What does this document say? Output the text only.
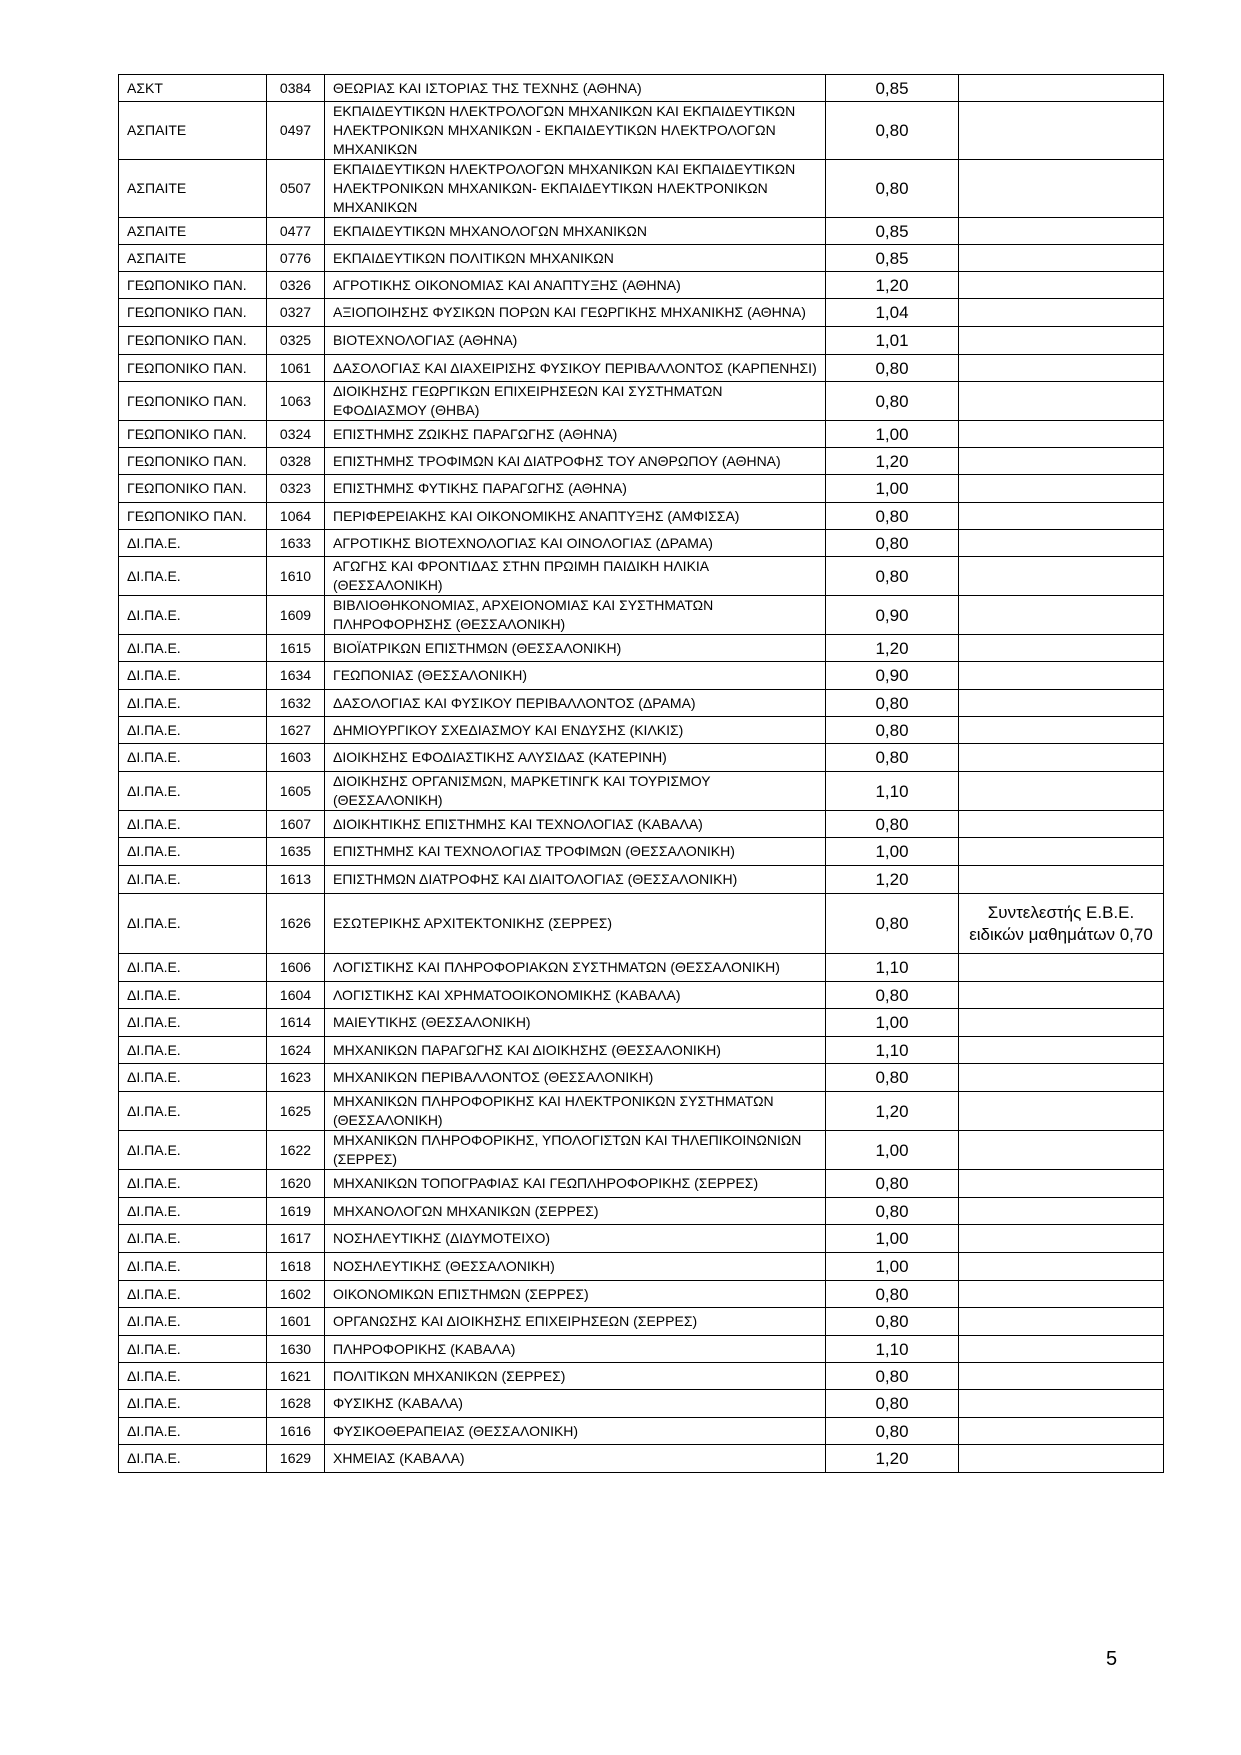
ΑΣΚΤ	0384	ΘΕΩΡΙΑΣ ΚΑΙ ΙΣΤΟΡΙΑΣ ΤΗΣ ΤΕΧΝΗΣ (ΑΘΗΝΑ)	0,85	
ΑΣΠΑΙΤΕ	0497	ΕΚΠΑΙΔΕΥΤΙΚΩΝ ΗΛΕΚΤΡΟΛΟΓΩΝ ΜΗΧΑΝΙΚΩΝ ΚΑΙ ΕΚΠΑΙΔΕΥΤΙΚΩΝ ΗΛΕΚΤΡΟΝΙΚΩΝ ΜΗΧΑΝΙΚΩΝ - ΕΚΠΑΙΔΕΥΤΙΚΩΝ ΗΛΕΚΤΡΟΛΟΓΩΝ ΜΗΧΑΝΙΚΩΝ	0,80	
ΑΣΠΑΙΤΕ	0507	ΕΚΠΑΙΔΕΥΤΙΚΩΝ ΗΛΕΚΤΡΟΛΟΓΩΝ ΜΗΧΑΝΙΚΩΝ ΚΑΙ ΕΚΠΑΙΔΕΥΤΙΚΩΝ ΗΛΕΚΤΡΟΝΙΚΩΝ ΜΗΧΑΝΙΚΩΝ- ΕΚΠΑΙΔΕΥΤΙΚΩΝ ΗΛΕΚΤΡΟΝΙΚΩΝ ΜΗΧΑΝΙΚΩΝ	0,80	
ΑΣΠΑΙΤΕ	0477	ΕΚΠΑΙΔΕΥΤΙΚΩΝ ΜΗΧΑΝΟΛΟΓΩΝ ΜΗΧΑΝΙΚΩΝ	0,85	
ΑΣΠΑΙΤΕ	0776	ΕΚΠΑΙΔΕΥΤΙΚΩΝ ΠΟΛΙΤΙΚΩΝ ΜΗΧΑΝΙΚΩΝ	0,85	
ΓΕΩΠΟΝΙΚΟ ΠΑΝ.	0326	ΑΓΡΟΤΙΚΗΣ ΟΙΚΟΝΟΜΙΑΣ ΚΑΙ ΑΝΑΠΤΥΞΗΣ (ΑΘΗΝΑ)	1,20	
ΓΕΩΠΟΝΙΚΟ ΠΑΝ.	0327	ΑΞΙΟΠΟΙΗΣΗΣ ΦΥΣΙΚΩΝ ΠΟΡΩΝ ΚΑΙ ΓΕΩΡΓΙΚΗΣ ΜΗΧΑΝΙΚΗΣ (ΑΘΗΝΑ)	1,04	
ΓΕΩΠΟΝΙΚΟ ΠΑΝ.	0325	ΒΙΟΤΕΧΝΟΛΟΓΙΑΣ (ΑΘΗΝΑ)	1,01	
ΓΕΩΠΟΝΙΚΟ ΠΑΝ.	1061	ΔΑΣΟΛΟΓΙΑΣ ΚΑΙ ΔΙΑΧΕΙΡΙΣΗΣ ΦΥΣΙΚΟΥ ΠΕΡΙΒΑΛΛΟΝΤΟΣ (ΚΑΡΠΕΝΗΣΙ)	0,80	
ΓΕΩΠΟΝΙΚΟ ΠΑΝ.	1063	ΔΙΟΙΚΗΣΗΣ ΓΕΩΡΓΙΚΩΝ ΕΠΙΧΕΙΡΗΣΕΩΝ ΚΑΙ ΣΥΣΤΗΜΑΤΩΝ ΕΦΟΔΙΑΣΜΟΥ (ΘΗΒΑ)	0,80	
ΓΕΩΠΟΝΙΚΟ ΠΑΝ.	0324	ΕΠΙΣΤΗΜΗΣ ΖΩΙΚΗΣ ΠΑΡΑΓΩΓΗΣ (ΑΘΗΝΑ)	1,00	
ΓΕΩΠΟΝΙΚΟ ΠΑΝ.	0328	ΕΠΙΣΤΗΜΗΣ ΤΡΟΦΙΜΩΝ ΚΑΙ ΔΙΑΤΡΟΦΗΣ ΤΟΥ ΑΝΘΡΩΠΟΥ (ΑΘΗΝΑ)	1,20	
ΓΕΩΠΟΝΙΚΟ ΠΑΝ.	0323	ΕΠΙΣΤΗΜΗΣ ΦΥΤΙΚΗΣ ΠΑΡΑΓΩΓΗΣ (ΑΘΗΝΑ)	1,00	
ΓΕΩΠΟΝΙΚΟ ΠΑΝ.	1064	ΠΕΡΙΦΕΡΕΙΑΚΗΣ ΚΑΙ ΟΙΚΟΝΟΜΙΚΗΣ ΑΝΑΠΤΥΞΗΣ (ΑΜΦΙΣΣΑ)	0,80	
ΔΙ.ΠΑ.Ε.	1633	ΑΓΡΟΤΙΚΗΣ ΒΙΟΤΕΧΝΟΛΟΓΙΑΣ ΚΑΙ ΟΙΝΟΛΟΓΙΑΣ (ΔΡΑΜΑ)	0,80	
ΔΙ.ΠΑ.Ε.	1610	ΑΓΩΓΗΣ ΚΑΙ ΦΡΟΝΤΙΔΑΣ ΣΤΗΝ ΠΡΩΙΜΗ ΠΑΙΔΙΚΗ ΗΛΙΚΙΑ (ΘΕΣΣΑΛΟΝΙΚΗ)	0,80	
ΔΙ.ΠΑ.Ε.	1609	ΒΙΒΛΙΟΘΗΚΟΝΟΜΙΑΣ, ΑΡΧΕΙΟΝΟΜΙΑΣ ΚΑΙ ΣΥΣΤΗΜΑΤΩΝ ΠΛΗΡΟΦΟΡΗΣΗΣ (ΘΕΣΣΑΛΟΝΙΚΗ)	0,90	
ΔΙ.ΠΑ.Ε.	1615	ΒΙΟΪΑΤΡΙΚΩΝ ΕΠΙΣΤΗΜΩΝ (ΘΕΣΣΑΛΟΝΙΚΗ)	1,20	
ΔΙ.ΠΑ.Ε.	1634	ΓΕΩΠΟΝΙΑΣ (ΘΕΣΣΑΛΟΝΙΚΗ)	0,90	
ΔΙ.ΠΑ.Ε.	1632	ΔΑΣΟΛΟΓΙΑΣ ΚΑΙ ΦΥΣΙΚΟΥ ΠΕΡΙΒΑΛΛΟΝΤΟΣ (ΔΡΑΜΑ)	0,80	
ΔΙ.ΠΑ.Ε.	1627	ΔΗΜΙΟΥΡΓΙΚΟΥ ΣΧΕΔΙΑΣΜΟΥ ΚΑΙ ΕΝΔΥΣΗΣ (ΚΙΛΚΙΣ)	0,80	
ΔΙ.ΠΑ.Ε.	1603	ΔΙΟΙΚΗΣΗΣ ΕΦΟΔΙΑΣΤΙΚΗΣ ΑΛΥΣΙΔΑΣ (ΚΑΤΕΡΙΝΗ)	0,80	
ΔΙ.ΠΑ.Ε.	1605	ΔΙΟΙΚΗΣΗΣ ΟΡΓΑΝΙΣΜΩΝ, ΜΑΡΚΕΤΙΝΓΚ ΚΑΙ ΤΟΥΡΙΣΜΟΥ (ΘΕΣΣΑΛΟΝΙΚΗ)	1,10	
ΔΙ.ΠΑ.Ε.	1607	ΔΙΟΙΚΗΤΙΚΗΣ ΕΠΙΣΤΗΜΗΣ ΚΑΙ ΤΕΧΝΟΛΟΓΙΑΣ (ΚΑΒΑΛΑ)	0,80	
ΔΙ.ΠΑ.Ε.	1635	ΕΠΙΣΤΗΜΗΣ ΚΑΙ ΤΕΧΝΟΛΟΓΙΑΣ ΤΡΟΦΙΜΩΝ (ΘΕΣΣΑΛΟΝΙΚΗ)	1,00	
ΔΙ.ΠΑ.Ε.	1613	ΕΠΙΣΤΗΜΩΝ ΔΙΑΤΡΟΦΗΣ ΚΑΙ ΔΙΑΙΤΟΛΟΓΙΑΣ (ΘΕΣΣΑΛΟΝΙΚΗ)	1,20	
ΔΙ.ΠΑ.Ε.	1626	ΕΣΩΤΕΡΙΚΗΣ ΑΡΧΙΤΕΚΤΟΝΙΚΗΣ (ΣΕΡΡΕΣ)	0,80	Συντελεστής Ε.Β.Ε. ειδικών μαθημάτων 0,70
ΔΙ.ΠΑ.Ε.	1606	ΛΟΓΙΣΤΙΚΗΣ ΚΑΙ ΠΛΗΡΟΦΟΡΙΑΚΩΝ ΣΥΣΤΗΜΑΤΩΝ (ΘΕΣΣΑΛΟΝΙΚΗ)	1,10	
ΔΙ.ΠΑ.Ε.	1604	ΛΟΓΙΣΤΙΚΗΣ ΚΑΙ ΧΡΗΜΑΤΟΟΙΚΟΝΟΜΙΚΗΣ (ΚΑΒΑΛΑ)	0,80	
ΔΙ.ΠΑ.Ε.	1614	ΜΑΙΕΥΤΙΚΗΣ (ΘΕΣΣΑΛΟΝΙΚΗ)	1,00	
ΔΙ.ΠΑ.Ε.	1624	ΜΗΧΑΝΙΚΩΝ ΠΑΡΑΓΩΓΗΣ ΚΑΙ ΔΙΟΙΚΗΣΗΣ (ΘΕΣΣΑΛΟΝΙΚΗ)	1,10	
ΔΙ.ΠΑ.Ε.	1623	ΜΗΧΑΝΙΚΩΝ ΠΕΡΙΒΑΛΛΟΝΤΟΣ (ΘΕΣΣΑΛΟΝΙΚΗ)	0,80	
ΔΙ.ΠΑ.Ε.	1625	ΜΗΧΑΝΙΚΩΝ ΠΛΗΡΟΦΟΡΙΚΗΣ ΚΑΙ ΗΛΕΚΤΡΟΝΙΚΩΝ ΣΥΣΤΗΜΑΤΩΝ (ΘΕΣΣΑΛΟΝΙΚΗ)	1,20	
ΔΙ.ΠΑ.Ε.	1622	ΜΗΧΑΝΙΚΩΝ ΠΛΗΡΟΦΟΡΙΚΗΣ, ΥΠΟΛΟΓΙΣΤΩΝ ΚΑΙ ΤΗΛΕΠΙΚΟΙΝΩΝΙΩΝ (ΣΕΡΡΕΣ)	1,00	
ΔΙ.ΠΑ.Ε.	1620	ΜΗΧΑΝΙΚΩΝ ΤΟΠΟΓΡΑΦΙΑΣ ΚΑΙ ΓΕΩΠΛΗΡΟΦΟΡΙΚΗΣ (ΣΕΡΡΕΣ)	0,80	
ΔΙ.ΠΑ.Ε.	1619	ΜΗΧΑΝΟΛΟΓΩΝ ΜΗΧΑΝΙΚΩΝ (ΣΕΡΡΕΣ)	0,80	
ΔΙ.ΠΑ.Ε.	1617	ΝΟΣΗΛΕΥΤΙΚΗΣ (ΔΙΔΥΜΟΤΕΙΧΟ)	1,00	
ΔΙ.ΠΑ.Ε.	1618	ΝΟΣΗΛΕΥΤΙΚΗΣ (ΘΕΣΣΑΛΟΝΙΚΗ)	1,00	
ΔΙ.ΠΑ.Ε.	1602	ΟΙΚΟΝΟΜΙΚΩΝ ΕΠΙΣΤΗΜΩΝ (ΣΕΡΡΕΣ)	0,80	
ΔΙ.ΠΑ.Ε.	1601	ΟΡΓΑΝΩΣΗΣ ΚΑΙ ΔΙΟΙΚΗΣΗΣ ΕΠΙΧΕΙΡΗΣΕΩΝ (ΣΕΡΡΕΣ)	0,80	
ΔΙ.ΠΑ.Ε.	1630	ΠΛΗΡΟΦΟΡΙΚΗΣ (ΚΑΒΑΛΑ)	1,10	
ΔΙ.ΠΑ.Ε.	1621	ΠΟΛΙΤΙΚΩΝ ΜΗΧΑΝΙΚΩΝ (ΣΕΡΡΕΣ)	0,80	
ΔΙ.ΠΑ.Ε.	1628	ΦΥΣΙΚΗΣ (ΚΑΒΑΛΑ)	0,80	
ΔΙ.ΠΑ.Ε.	1616	ΦΥΣΙΚΟΘΕΡΑΠΕΙΑΣ (ΘΕΣΣΑΛΟΝΙΚΗ)	0,80	
ΔΙ.ΠΑ.Ε.	1629	ΧΗΜΕΙΑΣ (ΚΑΒΑΛΑ)	1,20	
5
